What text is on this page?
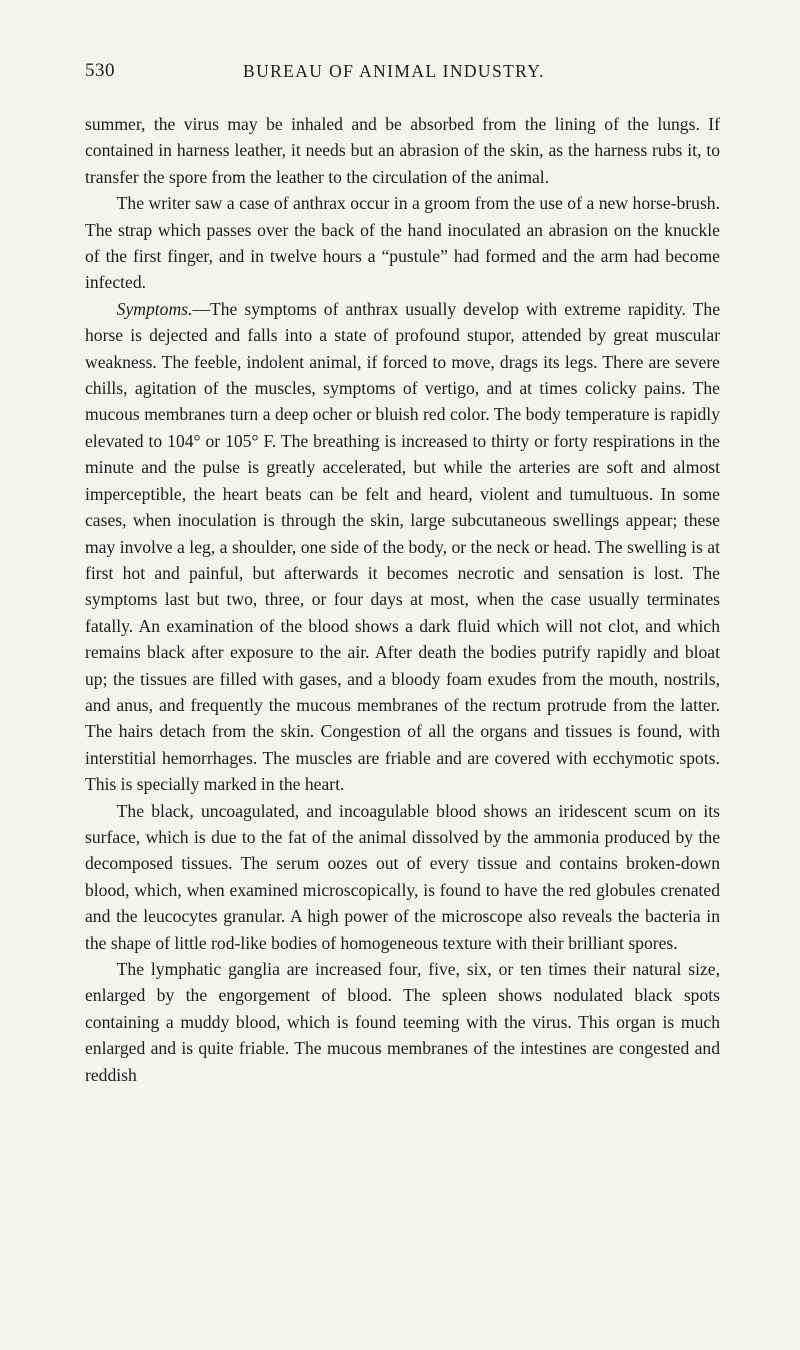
530	BUREAU OF ANIMAL INDUSTRY.

summer, the virus may be inhaled and be absorbed from the lining of the lungs. If contained in harness leather, it needs but an abrasion of the skin, as the harness rubs it, to transfer the spore from the leather to the circulation of the animal.

The writer saw a case of anthrax occur in a groom from the use of a new horse-brush. The strap which passes over the back of the hand inoculated an abrasion on the knuckle of the first finger, and in twelve hours a “pustule” had formed and the arm had become infected.

Symptoms.—The symptoms of anthrax usually develop with extreme rapidity. The horse is dejected and falls into a state of profound stupor, attended by great muscular weakness. The feeble, indolent animal, if forced to move, drags its legs. There are severe chills, agitation of the muscles, symptoms of vertigo, and at times colicky pains. The mucous membranes turn a deep ocher or bluish red color. The body temperature is rapidly elevated to 104° or 105° F. The breathing is increased to thirty or forty respirations in the minute and the pulse is greatly accelerated, but while the arteries are soft and almost imperceptible, the heart beats can be felt and heard, violent and tumultuous. In some cases, when inoculation is through the skin, large subcutaneous swellings appear; these may involve a leg, a shoulder, one side of the body, or the neck or head. The swelling is at first hot and painful, but afterwards it becomes necrotic and sensation is lost. The symptoms last but two, three, or four days at most, when the case usually terminates fatally. An examination of the blood shows a dark fluid which will not clot, and which remains black after exposure to the air. After death the bodies putrify rapidly and bloat up; the tissues are filled with gases, and a bloody foam exudes from the mouth, nostrils, and anus, and frequently the mucous membranes of the rectum protrude from the latter. The hairs detach from the skin. Congestion of all the organs and tissues is found, with interstitial hemorrhages. The muscles are friable and are covered with ecchymotic spots. This is specially marked in the heart.

The black, uncoagulated, and incoagulable blood shows an iridescent scum on its surface, which is due to the fat of the animal dissolved by the ammonia produced by the decomposed tissues. The serum oozes out of every tissue and contains broken-down blood, which, when examined microscopically, is found to have the red globules crenated and the leucocytes granular. A high power of the microscope also reveals the bacteria in the shape of little rod-like bodies of homogeneous texture with their brilliant spores.

The lymphatic ganglia are increased four, five, six, or ten times their natural size, enlarged by the engorgement of blood. The spleen shows nodulated black spots containing a muddy blood, which is found teeming with the virus. This organ is much enlarged and is quite friable. The mucous membranes of the intestines are congested and reddish
